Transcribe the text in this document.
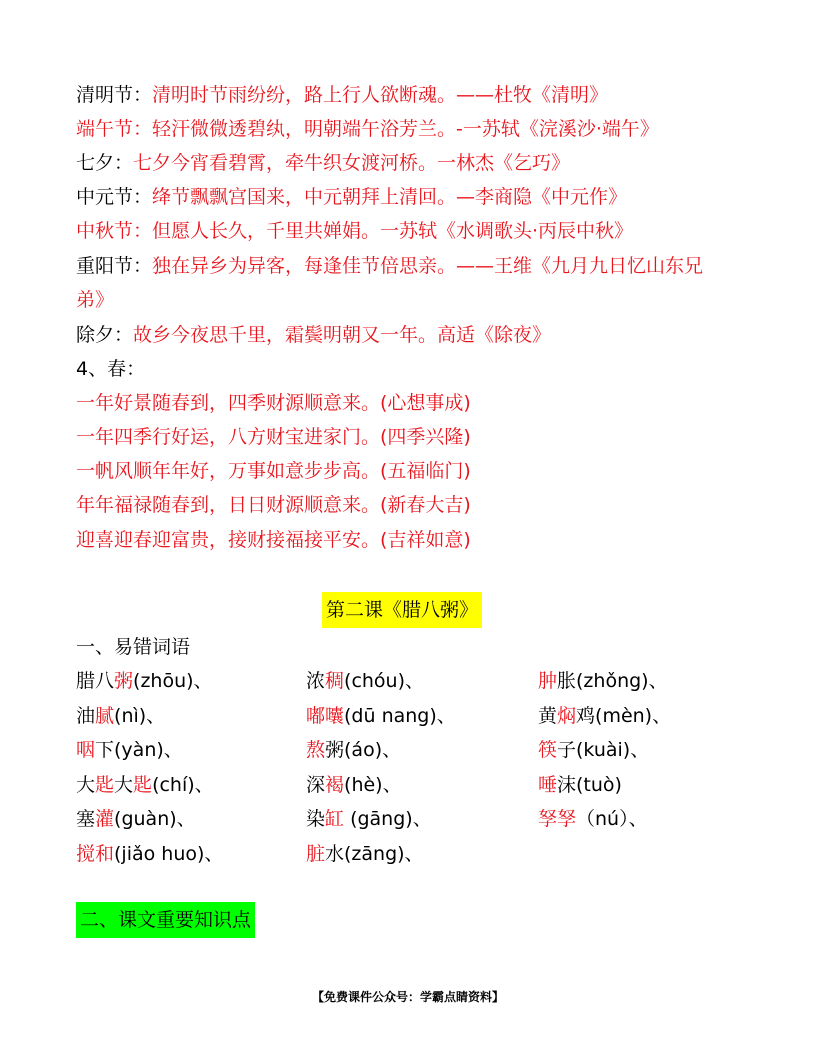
清明节：清明时节雨纷纷，路上行人欲断魂。——杜牧《清明》
端午节：轻汗微微透碧纨，明朝端午浴芳兰。-一苏轼《浣溪沙·端午》
七夕：七夕今宵看碧霄，牵牛织女渡河桥。一林杰《乞巧》
中元节：绛节飘飘宫国来，中元朝拜上清回。—李商隐《中元作》
中秋节：但愿人长久，千里共婵娟。一苏轼《水调歌头·丙辰中秋》
重阳节：独在异乡为异客，每逢佳节倍思亲。——王维《九月九日忆山东兄
弟》
除夕：故乡今夜思千里，霜鬓明朝又一年。高适《除夜》
4、春：
一年好景随春到，四季财源顺意来。(心想事成)
一年四季行好运，八方财宝进家门。(四季兴隆)
一帆风顺年年好，万事如意步步高。(五福临门)
年年福禄随春到，日日财源顺意来。(新春大吉)
迎喜迎春迎富贵，接财接福接平安。(吉祥如意)
第二课《腊八粥》
一、易错词语
腊八粥(zhōu)、	浓稠(chóu)、	肿胀(zhǒng)、
油腻(nì)、	嘟囔(dū nang)、	黄焖鸡(mèn)、
咽下(yàn)、	熬粥(áo)、	筷子(kuài)、
大匙大匙(chí)、	深褐(hè)、	唾沫(tuò)
塞灌(guàn)、	染缸 (gāng)、	孥孥（nú）、
搅和(jiǎo huo)、	脏水(zāng)、
二、课文重要知识点
【免费课件公众号：学霸点睛资料】
